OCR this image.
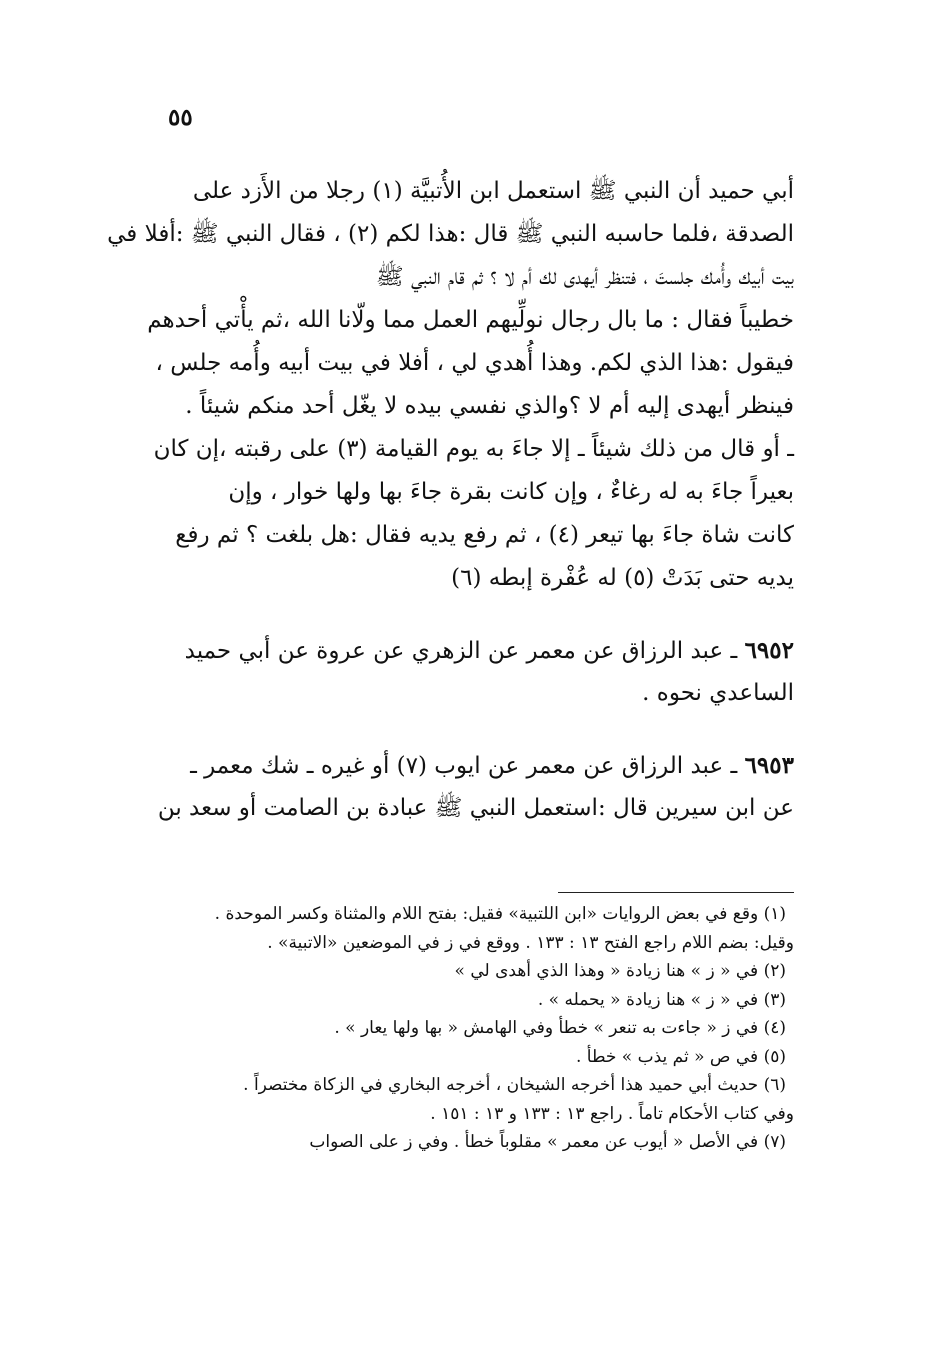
٥٥
أبي حميد أن النبي ﷺ استعمل ابن الأُتبيَّة (١) رجلا من الأَزد على
الصدقة ،فلما حاسبه النبي ﷺ قال :هذا لكم (٢) ، فقال النبي ﷺ :أفلا في
بيت أبيك وأُمك جلستَ ، فتنظر أيهدى لك أم لا ؟ ثم قام النبي ﷺ
خطيباً فقال : ما بال رجال نولِّيهم العمل مما ولّانا الله ،ثم يأْتي أحدهم
فيقول :هذا الذي لكم. وهذا أُهدي لي ، أفلا في بيت أبيه وأُمه جلس ،
فينظر أيهدى إليه أم لا ؟والذي نفسي بيده لا يغّل أحد منكم شيئاً .
ـ أو قال من ذلك شيئاً ـ إلا جاءَ به يوم القيامة (٣) على رقبته ،إن كان
بعيراً جاءَ به له رغاءٌ ، وإن كانت بقرة جاءَ بها ولها خوار ، وإن
كانت شاة جاءَ بها تيعر (٤) ، ثم رفع يديه فقال :هل بلغت ؟ ثم رفع
يديه حتى بَدَتْ (٥) له عُفْرة إبطه (٦)
٦٩٥٢ ـ عبد الرزاق عن معمر عن الزهري عن عروة عن أبي حميد
الساعدي نحوه .
٦٩٥٣ ـ عبد الرزاق عن معمر عن ايوب (٧) أو غيره ـ شك معمر ـ
عن ابن سيرين قال :استعمل النبي ﷺ عبادة بن الصامت أو سعد بن
(١) وقع في بعض الروايات «ابن اللتبية» فقيل: بفتح اللام والمثناة وكسر الموحدة .
وقيل: بضم اللام راجع الفتح ١٣ : ١٣٣ . ووقع في ز في الموضعين «الاتبية» .
(٢) في « ز » هنا زيادة « وهذا الذي أهدى لي »
(٣) في « ز » هنا زيادة « يحمله » .
(٤) في ز « جاءت به تنعر » خطأ وفي الهامش « بها ولها يعار » .
(٥) في ص « ثم يذب » خطأ .
(٦) حديث أبي حميد هذا أخرجه الشيخان ، أخرجه البخاري في الزكاة مختصراً .
وفي كتاب الأحكام تاماً . راجع ١٣ : ١٣٣ و ١٣ : ١٥١ .
(٧) في الأصل « أيوب عن معمر » مقلوباً خطأ . وفي ز على الصواب
